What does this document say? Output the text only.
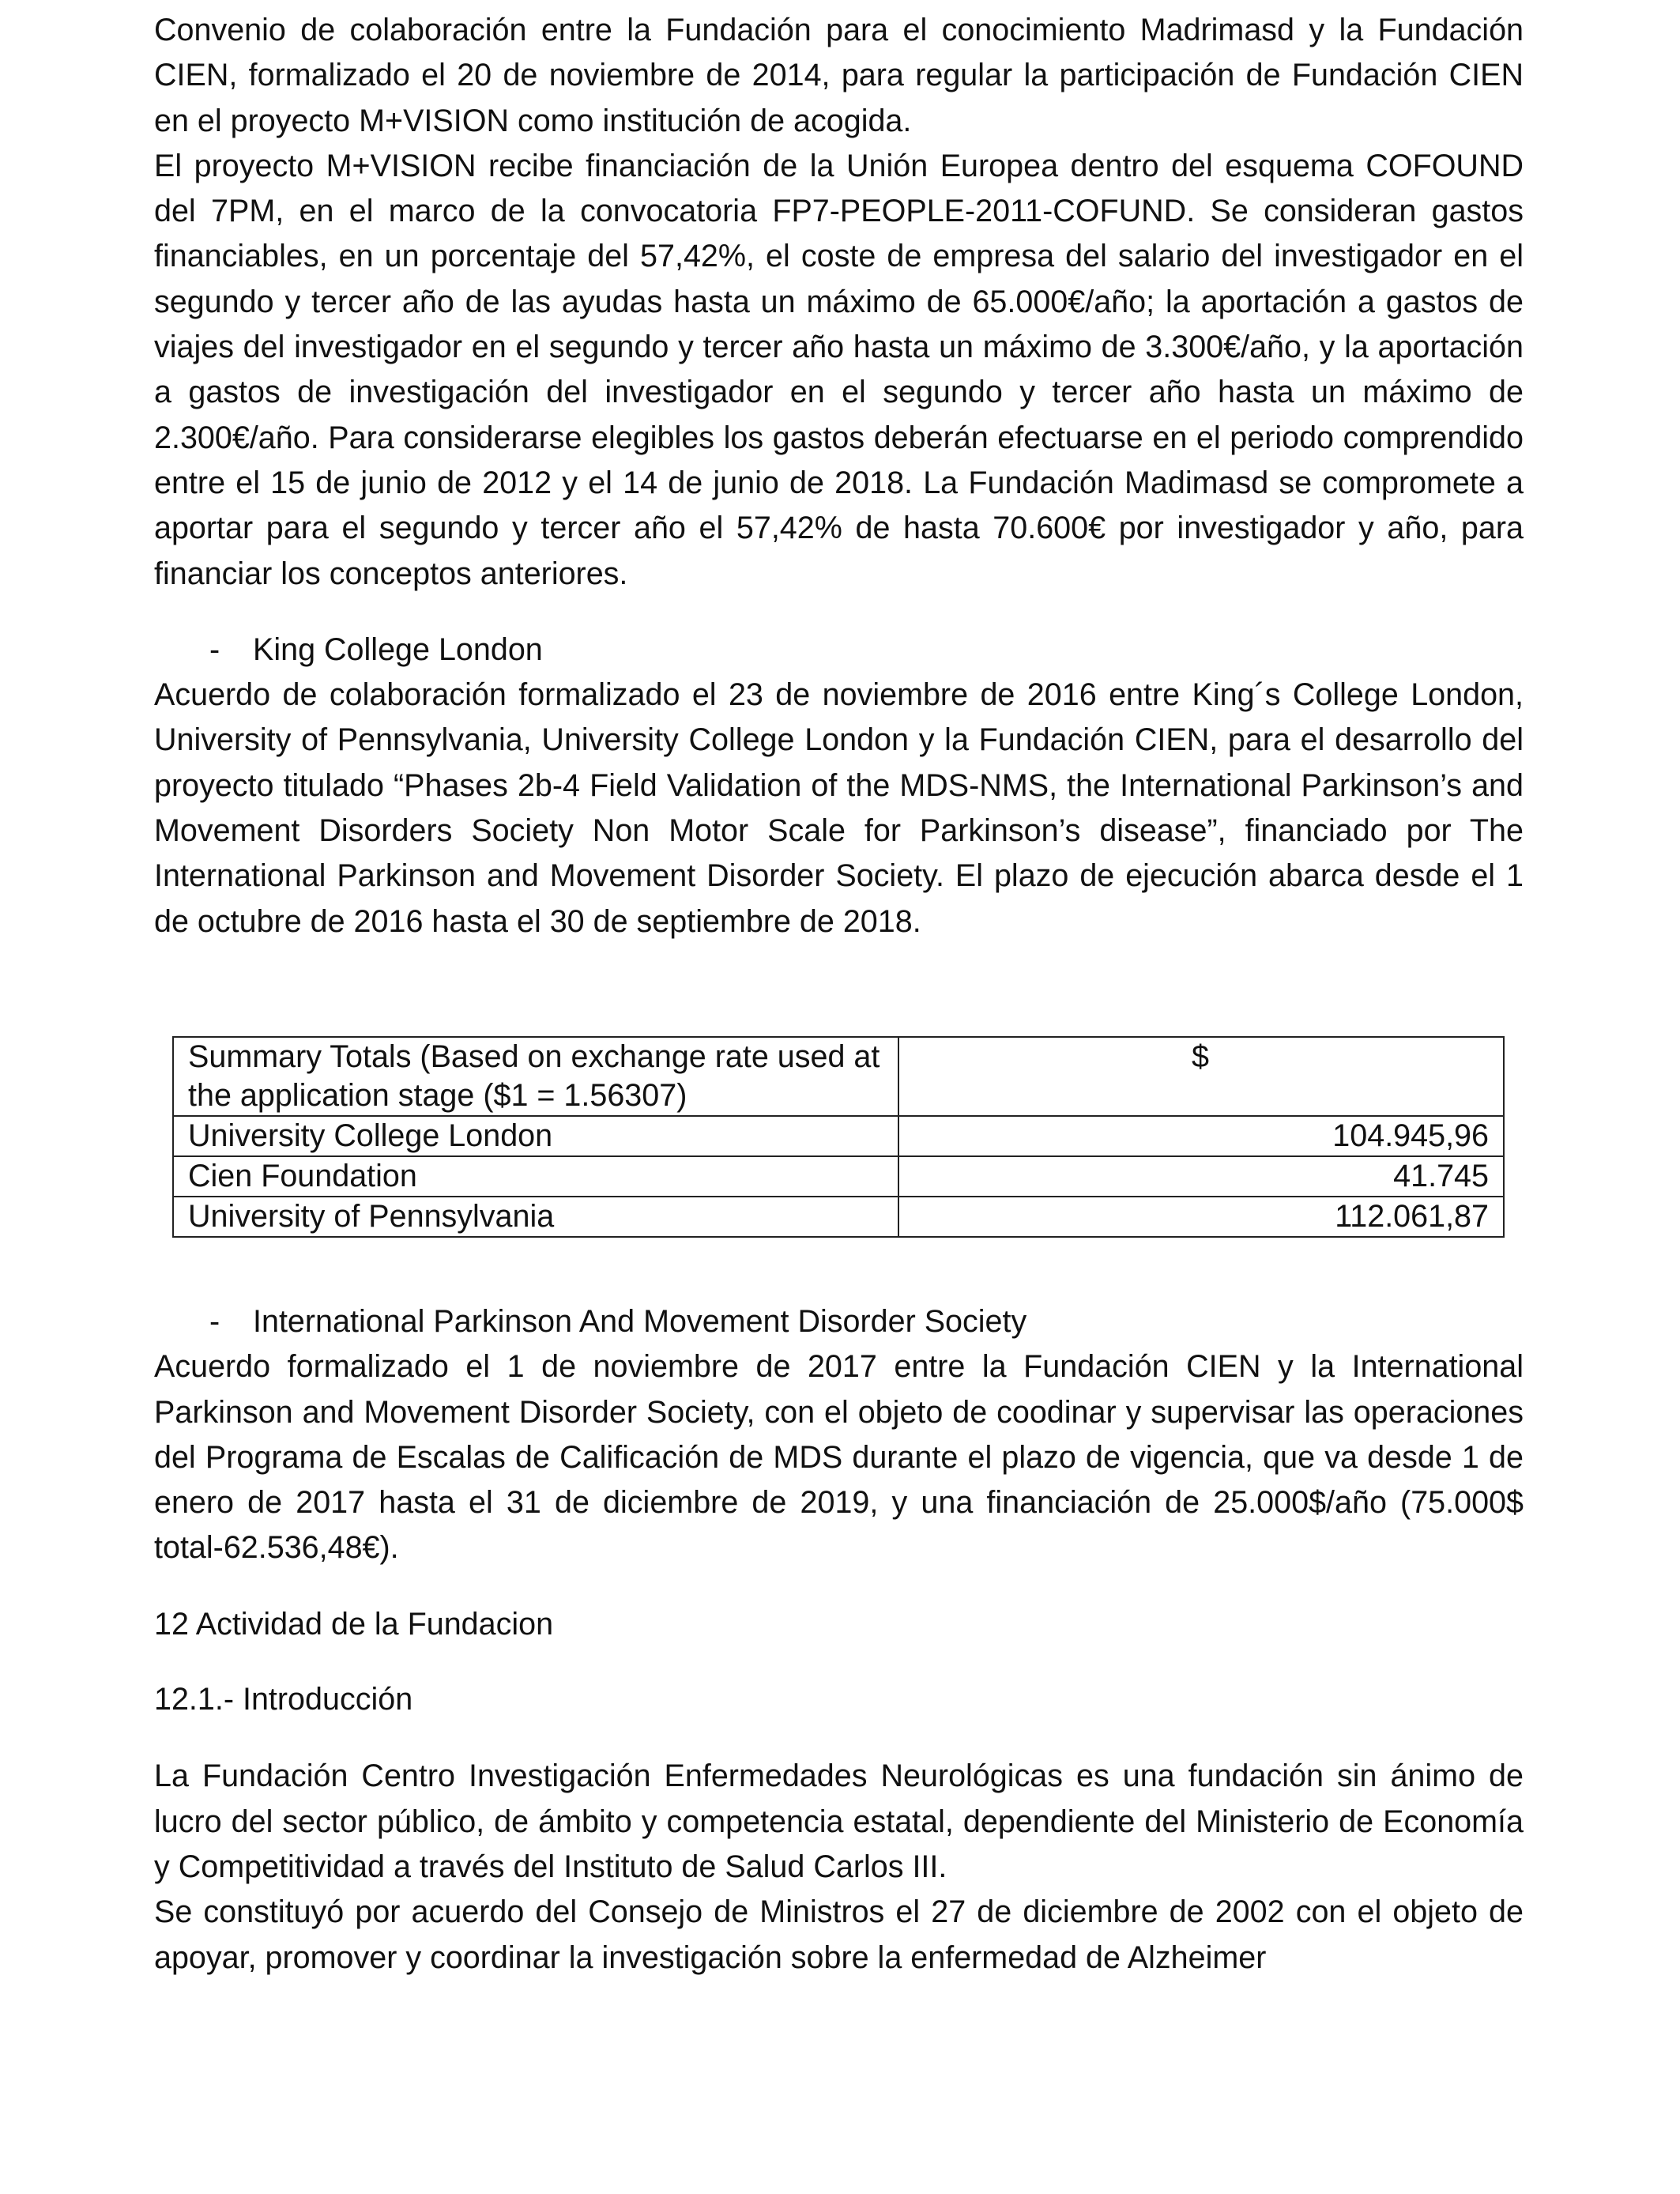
Convenio de colaboración entre la Fundación para el conocimiento Madrimasd y la Fundación CIEN, formalizado el 20 de noviembre de 2014, para regular la participación de Fundación CIEN en el proyecto M+VISION como institución de acogida.

El proyecto M+VISION recibe financiación de la Unión Europea dentro del esquema COFOUND del 7PM, en el marco de la convocatoria FP7-PEOPLE-2011-COFUND. Se consideran gastos financiables, en un porcentaje del 57,42%, el coste de empresa del salario del investigador en el segundo y tercer año de las ayudas hasta un máximo de 65.000€/año; la aportación a gastos de viajes del investigador en el segundo y tercer año hasta un máximo de 3.300€/año, y la aportación a gastos de investigación del investigador en el segundo y tercer año hasta un máximo de 2.300€/año. Para considerarse elegibles los gastos deberán efectuarse en el periodo comprendido entre el 15 de junio de 2012 y el 14 de junio de 2018. La Fundación Madimasd se compromete a aportar para el segundo y tercer año el 57,42% de hasta 70.600€ por investigador y año, para financiar los conceptos anteriores.

-	King College London

Acuerdo de colaboración formalizado el 23 de noviembre de 2016 entre King´s College London, University of Pennsylvania, University College London y la Fundación CIEN, para el desarrollo del proyecto titulado “Phases 2b-4 Field Validation of the MDS-NMS, the International Parkinson’s and Movement Disorders Society Non Motor Scale for Parkinson’s disease”, financiado por The International Parkinson and Movement Disorder Society. El plazo de ejecución abarca desde el 1 de octubre de 2016 hasta el 30 de septiembre de 2018.

Summary Totals (Based on exchange rate used at the application stage ($1 = 1.56307)	$
University College London	104.945,96
Cien Foundation	41.745
University of Pennsylvania	112.061,87
-	International Parkinson And Movement Disorder Society

Acuerdo formalizado el 1 de noviembre de 2017 entre la Fundación CIEN y la International Parkinson and Movement Disorder Society, con el objeto de coodinar y supervisar las operaciones del Programa de Escalas de Calificación de MDS durante el plazo de vigencia, que va desde 1 de enero de 2017 hasta el 31 de diciembre de 2019, y una financiación de 25.000$/año (75.000$ total-62.536,48€).

12 Actividad de la Fundacion
12.1.- Introducción

La Fundación Centro Investigación Enfermedades Neurológicas es una fundación sin ánimo de lucro del sector público, de ámbito y competencia estatal, dependiente del Ministerio de Economía y Competitividad a través del Instituto de Salud Carlos III.

Se constituyó por acuerdo del Consejo de Ministros el 27 de diciembre de 2002 con el objeto de apoyar, promover y coordinar la investigación sobre la enfermedad de Alzheimer
